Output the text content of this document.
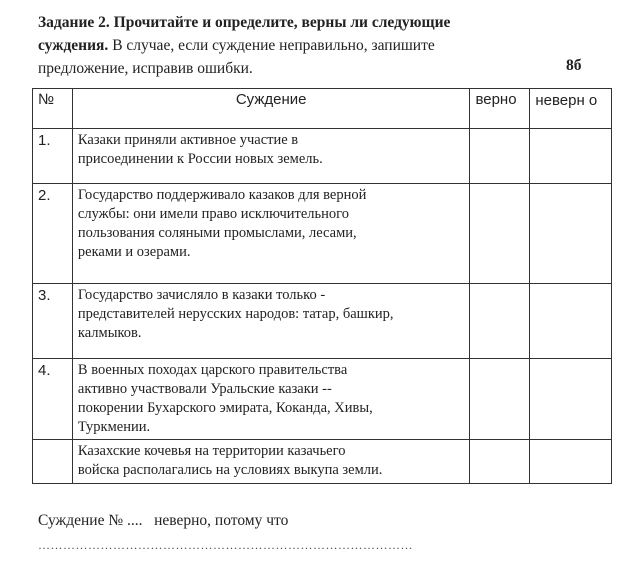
Задание 2. Прочитайте и определите, верны ли следующие
суждения. В случае, если суждение неправильно, запишите
предложение, исправив ошибки.	8б
№	Суждение	верно	неверн о
1.	Казаки приняли активное участие в
присоединении к России новых земель.		

2.	Государство поддерживало казаков для верной
службы: они имели право исключительного
пользования соляными промыслами, лесами,
реками и озерами.		

3.	Государство зачисляло в казаки только -
представителей нерусских народов: татар, башкир,
калмыков.		

4.	В военных походах царского правительства
активно участвовали Уральские казаки --
покорении Бухарского эмирата, Коканда, Хивы,
Туркмении.		

	Казахские кочевья на территории казачьего
войска располагались на условиях выкупа земли.		

Суждение № ....   неверно, потому что
………………………………………………………………………………
